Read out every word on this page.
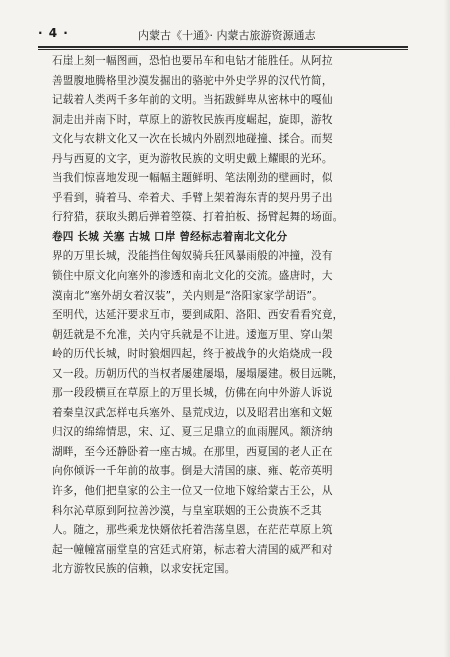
· 4 ·	内蒙古《十通》· 内蒙古旅游资源通志
石崖上刻一幅图画，恐怕也要吊车和电钻才能胜任。从阿拉
善盟腹地腾格里沙漠发掘出的骆驼中外史学界的汉代竹简，
记载着人类两千多年前的文明。当拓跋鲜卑从密林中的嘎仙
洞走出并南下时，草原上的游牧民族再度崛起，旋即，游牧
文化与农耕文化又一次在长城内外剧烈地碰撞、揉合。而契
丹与西夏的文字，更为游牧民族的文明史戴上耀眼的光环。
当我们惊喜地发现一幅幅主题鲜明、笔法刚劲的壁画时，似
乎看到，骑着马、牵着犬、手臂上架着海东青的契丹男子出
行狩猎，获取头鹅后弹着箜篌、打着拍板、扬臂起舞的场面。
卷四 长城 关塞 古城 口岸 曾经标志着南北文化分
界的万里长城，没能挡住匈奴骑兵狂风暴雨般的冲撞，没有
锁住中原文化向塞外的渗透和南北文化的交流。盛唐时，大
漠南北“塞外胡女着汉装”，关内则是“洛阳家家学胡语”。
至明代，达延汗要求互市，要到咸阳、洛阳、西安看看究竟，
朝廷就是不允准，关内守兵就是不让进。逶迤万里、穿山架
岭的历代长城，时时狼烟四起，终于被战争的火焰烧成一段
又一段。历朝历代的当权者屡建屡塌，屡塌屡建。极目远眺，
那一段段横亘在草原上的万里长城，仿佛在向中外游人诉说
着秦皇汉武怎样屯兵塞外、垦荒戍边，以及昭君出塞和文姬
归汉的绵绵情思，宋、辽、夏三足鼎立的血雨腥风。额济纳
湖畔，至今还静卧着一座古城。在那里，西夏国的老人正在
向你倾诉一千年前的故事。倒是大清国的康、雍、乾帝英明
许多，他们把皇家的公主一位又一位地下嫁给蒙古王公，从
科尔沁草原到阿拉善沙漠，与皇室联姻的王公贵族不乏其
人。随之，那些乘龙快婿依托着浩荡皇恩，在茫茫草原上筑
起一幢幢富丽堂皇的宫廷式府第，标志着大清国的威严和对
北方游牧民族的信赖，以求安抚定国。
